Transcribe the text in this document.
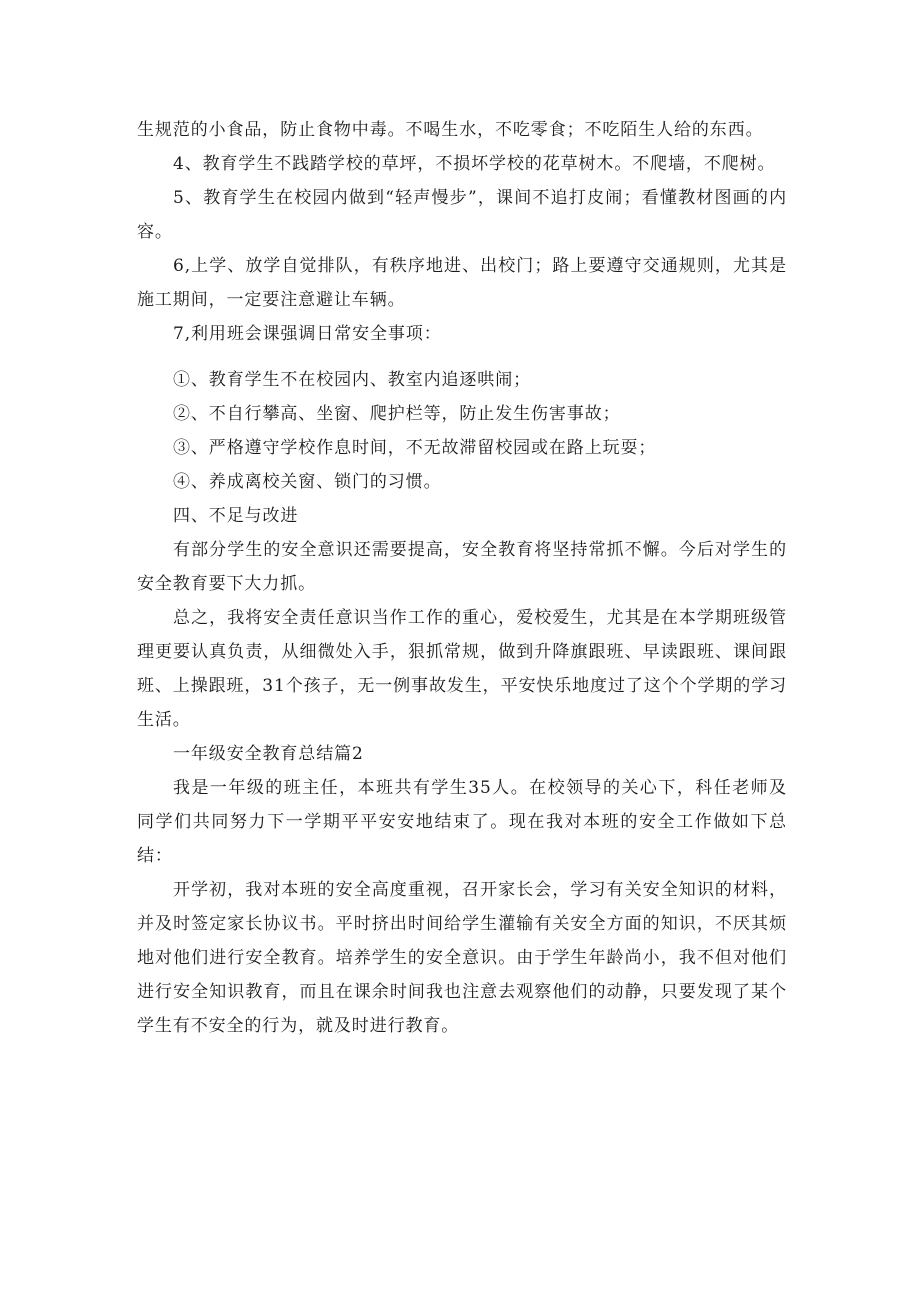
生规范的小食品，防止食物中毒。不喝生水，不吃零食；不吃陌生人给的东西。

4、教育学生不践踏学校的草坪，不损坏学校的花草树木。不爬墙，不爬树。

5、教育学生在校园内做到“轻声慢步”，课间不追打皮闹；看懂教材图画的内容。

6,上学、放学自觉排队，有秩序地进、出校门；路上要遵守交通规则，尤其是施工期间，一定要注意避让车辆。

7,利用班会课强调日常安全事项：

①、教育学生不在校园内、教室内追逐哄闹；

②、不自行攀高、坐窗、爬护栏等，防止发生伤害事故；

③、严格遵守学校作息时间，不无故滞留校园或在路上玩耍；

④、养成离校关窗、锁门的习惯。

四、不足与改进

有部分学生的安全意识还需要提高，安全教育将坚持常抓不懈。今后对学生的安全教育要下大力抓。

总之，我将安全责任意识当作工作的重心，爱校爱生，尤其是在本学期班级管理更要认真负责，从细微处入手，狠抓常规，做到升降旗跟班、早读跟班、课间跟班、上操跟班，31个孩子，无一例事故发生，平安快乐地度过了这个个学期的学习生活。

一年级安全教育总结篇2

我是一年级的班主任，本班共有学生35人。在校领导的关心下，科任老师及同学们共同努力下一学期平平安安地结束了。现在我对本班的安全工作做如下总结：

开学初，我对本班的安全高度重视，召开家长会，学习有关安全知识的材料，并及时签定家长协议书。平时挤出时间给学生灌输有关安全方面的知识，不厌其烦地对他们进行安全教育。培养学生的安全意识。由于学生年龄尚小，我不但对他们进行安全知识教育，而且在课余时间我也注意去观察他们的动静，只要发现了某个学生有不安全的行为，就及时进行教育。
